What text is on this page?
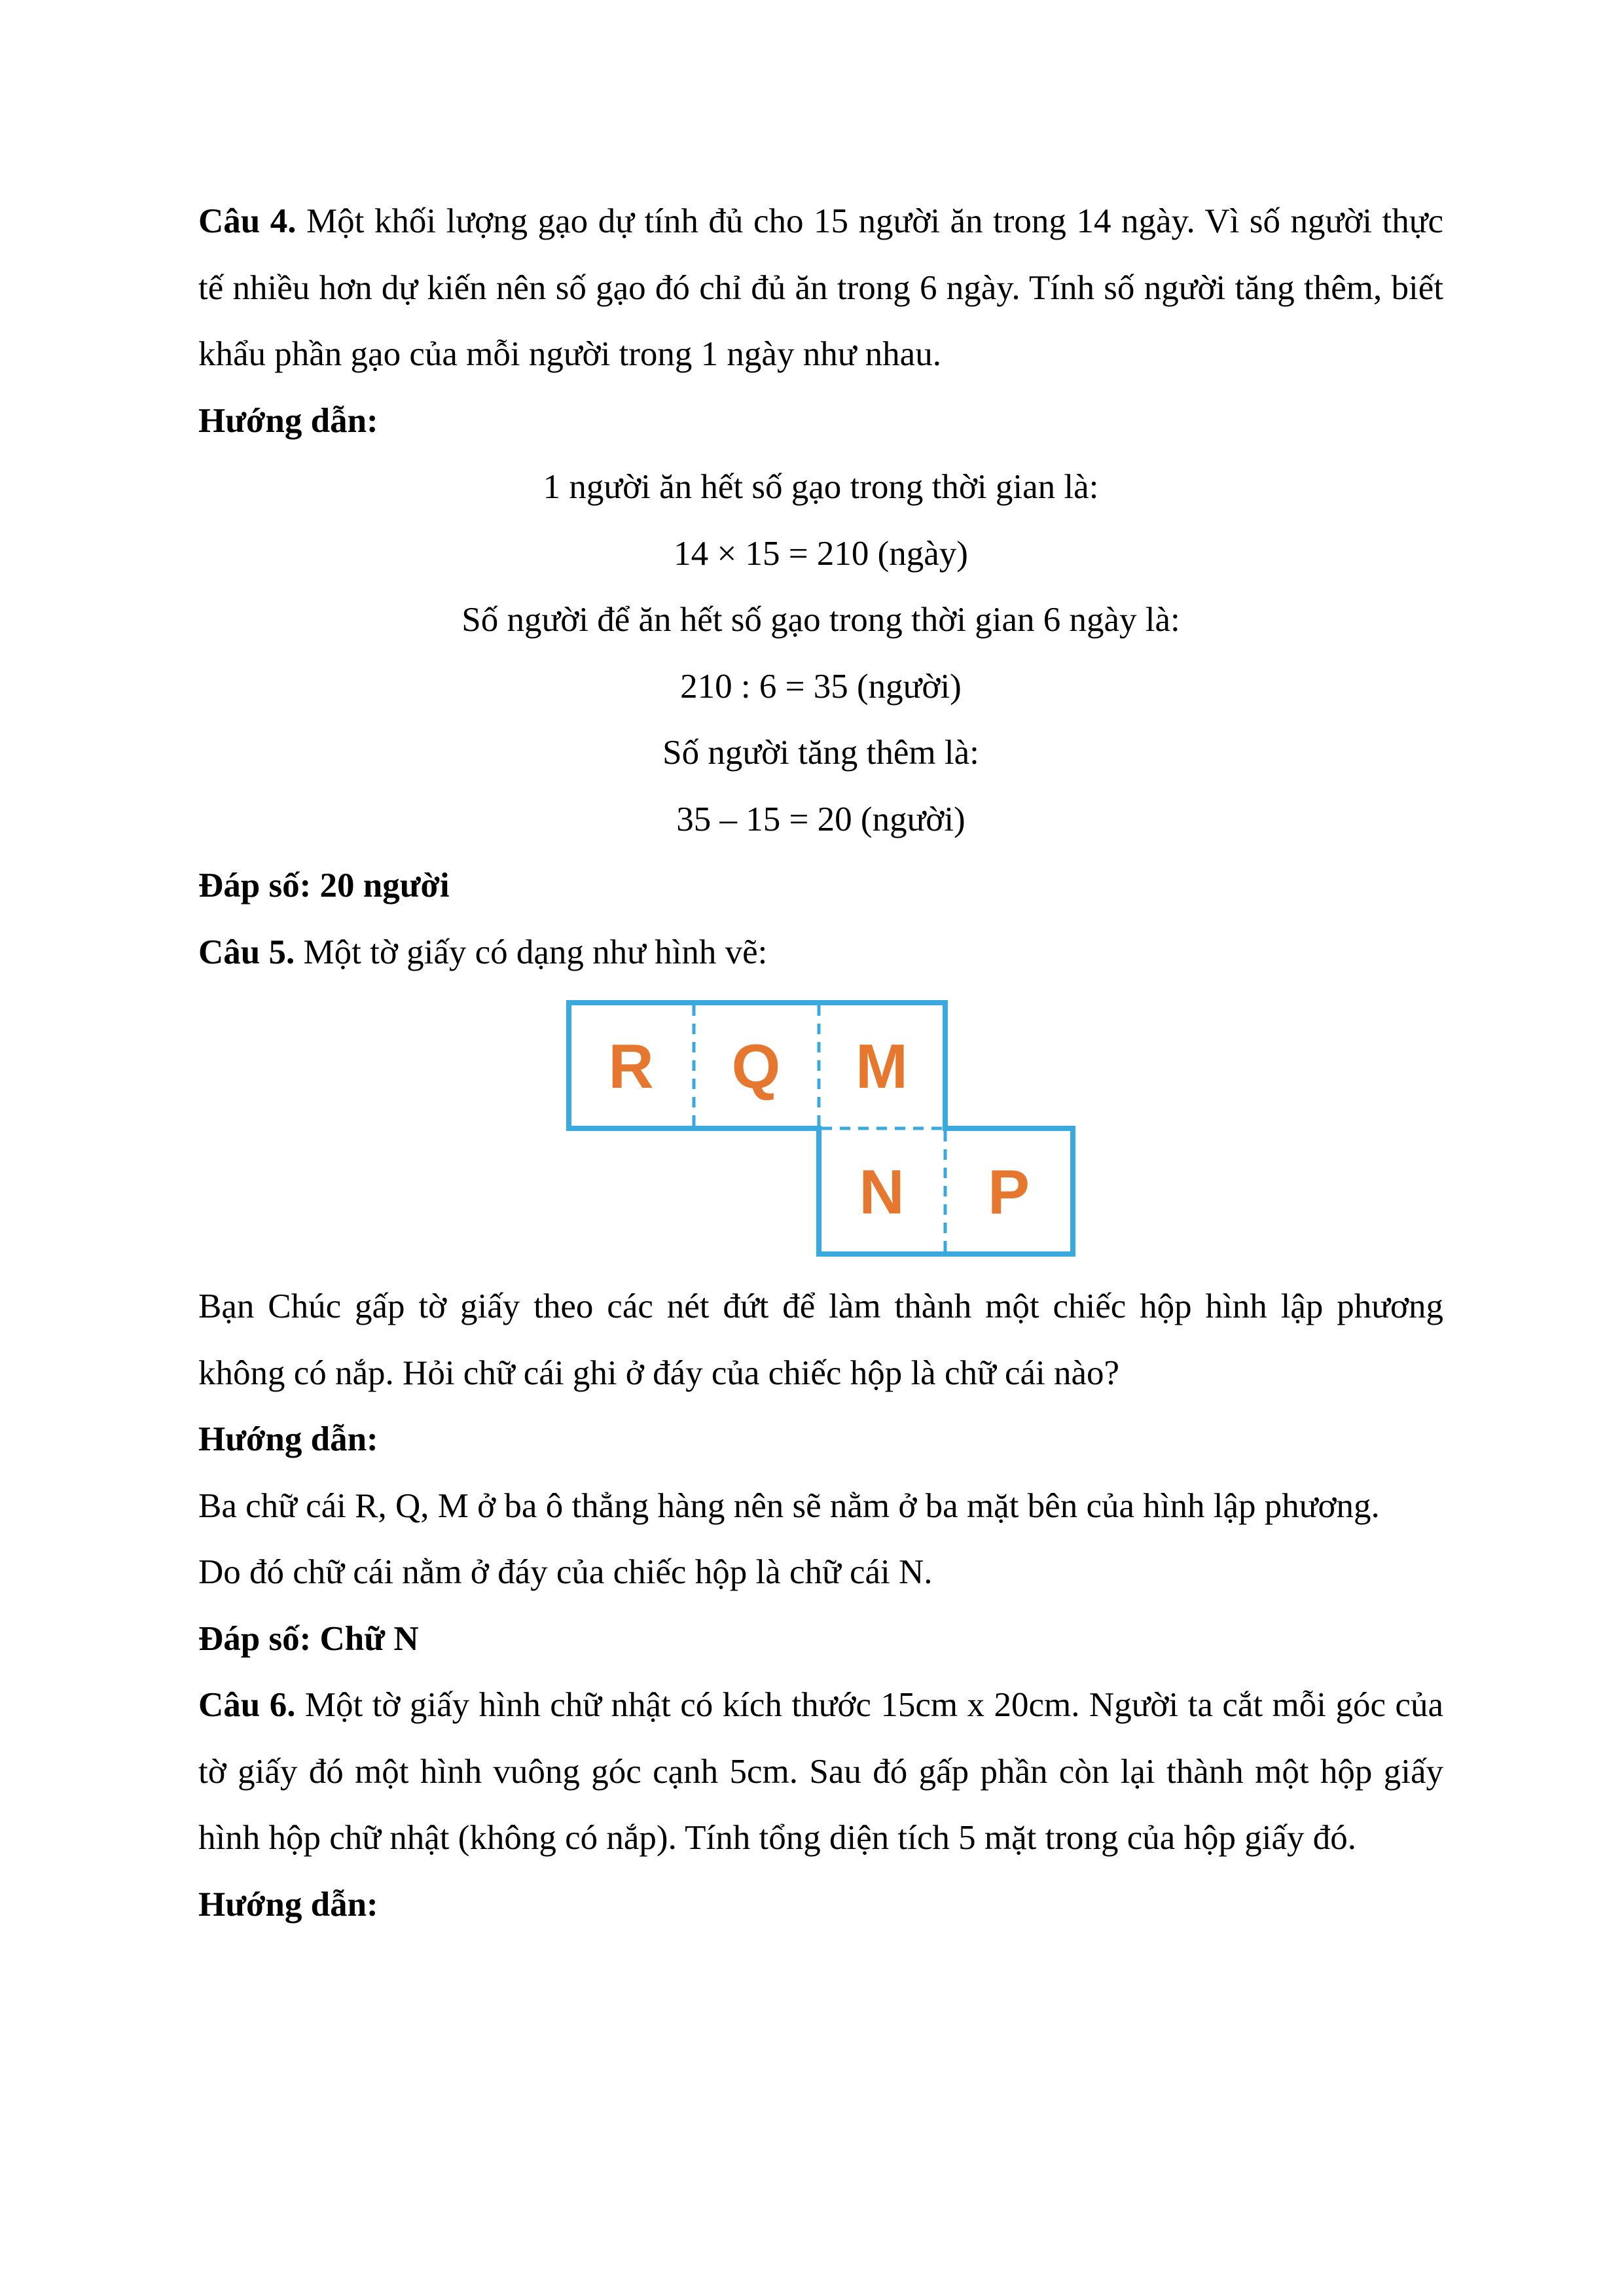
Câu 4. Một khối lượng gạo dự tính đủ cho 15 người ăn trong 14 ngày. Vì số người thực tế nhiều hơn dự kiến nên số gạo đó chỉ đủ ăn trong 6 ngày. Tính số người tăng thêm, biết khẩu phần gạo của mỗi người trong 1 ngày như nhau.

Hướng dẫn:

1 người ăn hết số gạo trong thời gian là:

14 × 15 = 210 (ngày)

Số người để ăn hết số gạo trong thời gian 6 ngày là:

210 : 6 = 35 (người)

Số người tăng thêm là:

35 – 15 = 20 (người)

Đáp số: 20 người

Câu 5. Một tờ giấy có dạng như hình vẽ:

R Q M
N P

Bạn Chúc gấp tờ giấy theo các nét đứt để làm thành một chiếc hộp hình lập phương không có nắp. Hỏi chữ cái ghi ở đáy của chiếc hộp là chữ cái nào?

Hướng dẫn:

Ba chữ cái R, Q, M ở ba ô thẳng hàng nên sẽ nằm ở ba mặt bên của hình lập phương.

Do đó chữ cái nằm ở đáy của chiếc hộp là chữ cái N.

Đáp số: Chữ N

Câu 6. Một tờ giấy hình chữ nhật có kích thước 15cm x 20cm. Người ta cắt mỗi góc của tờ giấy đó một hình vuông góc cạnh 5cm. Sau đó gấp phần còn lại thành một hộp giấy hình hộp chữ nhật (không có nắp). Tính tổng diện tích 5 mặt trong của hộp giấy đó.

Hướng dẫn:
